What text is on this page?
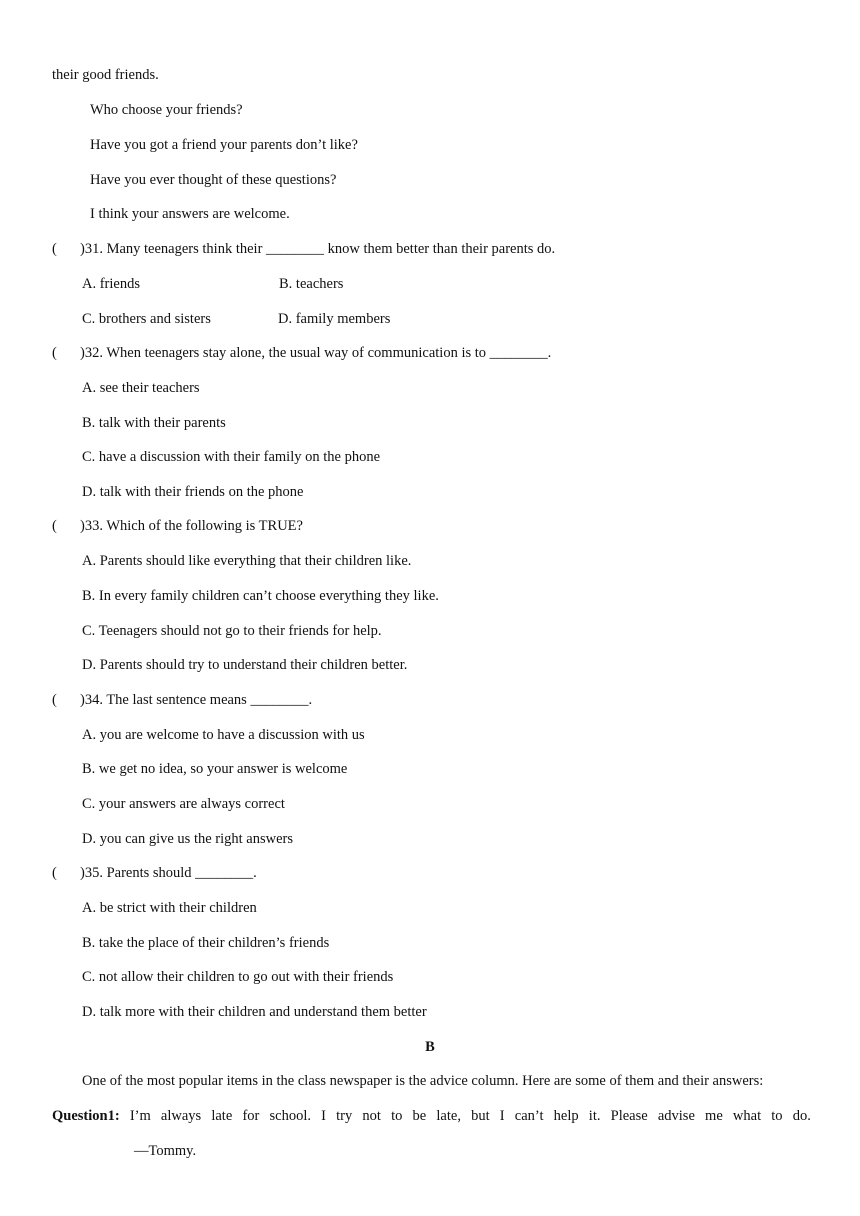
their good friends.
Who choose your friends?
Have you got a friend your parents don’t like?
Have you ever thought of these questions?
I think your answers are welcome.
( )31. Many teenagers think their ________ know them better than their parents do.
A. friends	B. teachers
C. brothers and sisters	D. family members
( )32. When teenagers stay alone, the usual way of communication is to ________.
A. see their teachers
B. talk with their parents
C. have a discussion with their family on the phone
D. talk with their friends on the phone
( )33. Which of the following is TRUE?
A. Parents should like everything that their children like.
B. In every family children can’t choose everything they like.
C. Teenagers should not go to their friends for help.
D. Parents should try to understand their children better.
( )34. The last sentence means ________.
A. you are welcome to have a discussion with us
B. we get no idea, so your answer is welcome
C. your answers are always correct
D. you can give us the right answers
( )35. Parents should ________.
A. be strict with their children
B. take the place of their children’s friends
C. not allow their children to go out with their friends
D. talk more with their children and understand them better
B
One of the most popular items in the class newspaper is the advice column. Here are some of them and their answers:
Question1: I’m always late for school. I try not to be late, but I can’t help it. Please advise me what to do.
—Tommy.
